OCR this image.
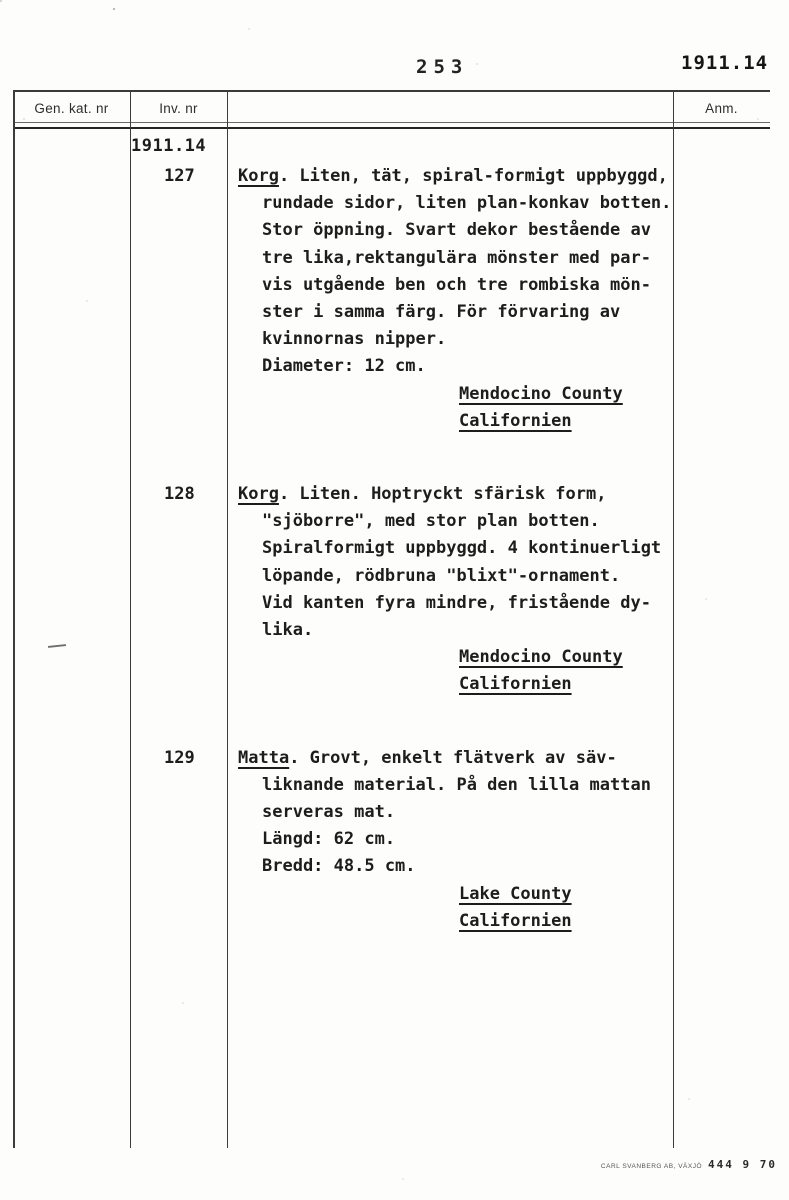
253	1911.14
Gen. kat. nr	Inv. nr	Anm.
1911.14
127	Korg. Liten, tät, spiral-formigt uppbyggd,
rundade sidor, liten plan-konkav botten.
Stor öppning. Svart dekor bestående av
tre lika,rektangulära mönster med par-
vis utgående ben och tre rombiska mön-
ster i samma färg. För förvaring av
kvinnornas nipper.
Diameter: 12 cm.
Mendocino County
Californien
128	Korg. Liten. Hoptryckt sfärisk form,
"sjöborre", med stor plan botten.
Spiralformigt uppbyggd. 4 kontinuerligt
löpande, rödbruna "blixt"-ornament.
Vid kanten fyra mindre, fristående dy-
lika.
Mendocino County
Californien
129	Matta. Grovt, enkelt flätverk av säv-
liknande material. På den lilla mattan
serveras mat.
Längd: 62 cm.
Bredd: 48.5 cm.
Lake County
Californien
CARL SVANBERG AB, VÄXJÖ 444 9 70
